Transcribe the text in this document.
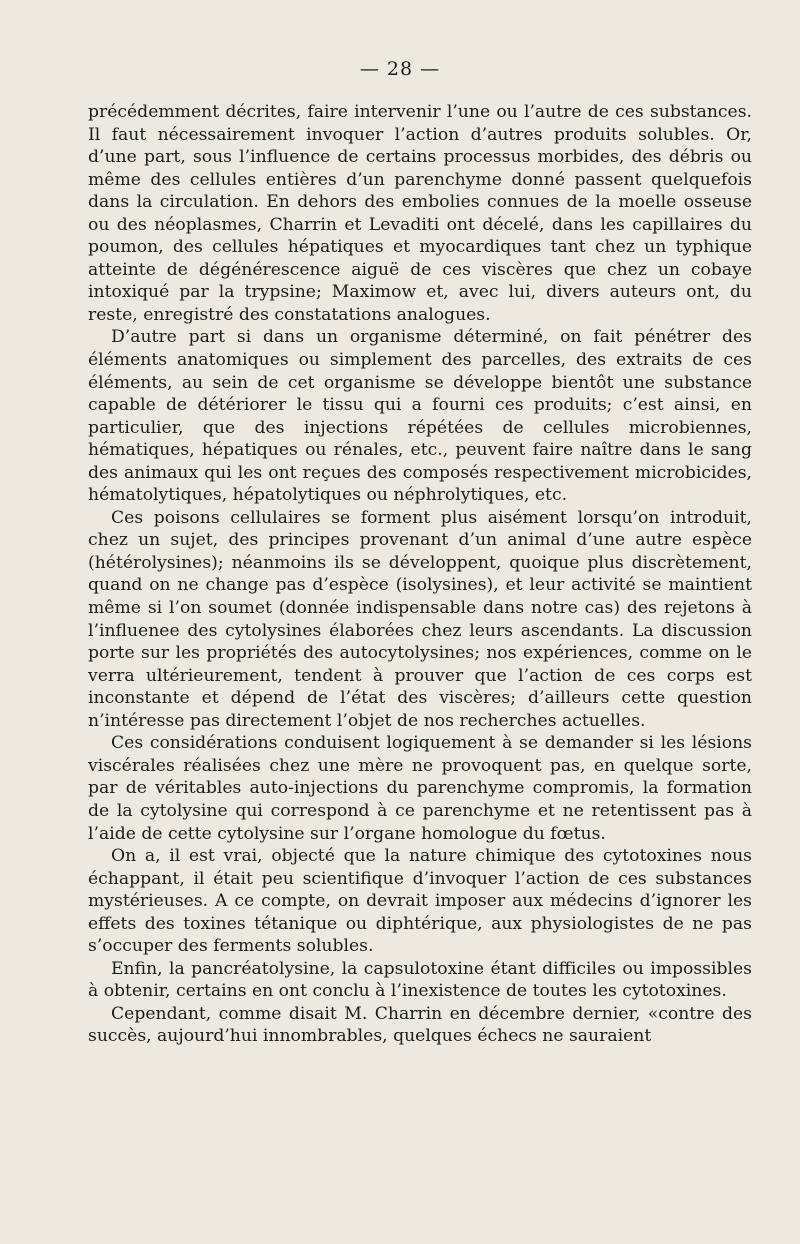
— 28 —

précédemment décrites, faire intervenir l’une ou l’autre de ces substances. Il faut nécessairement invoquer l’action d’autres produits solubles. Or, d’une part, sous l’influence de certains processus morbides, des débris ou même des cellules entières d’un parenchyme donné passent quelquefois dans la circulation. En dehors des embolies connues de la moelle osseuse ou des néoplasmes, Charrin et Levaditi ont décelé, dans les capillaires du poumon, des cellules hépatiques et myocardiques tant chez un typhique atteinte de dégénérescence aiguë de ces viscères que chez un cobaye intoxiqué par la trypsine; Maximow et, avec lui, divers auteurs ont, du reste, enregistré des constatations analogues.

D’autre part si dans un organisme déterminé, on fait pénétrer des éléments anatomiques ou simplement des parcelles, des extraits de ces éléments, au sein de cet organisme se développe bientôt une substance capable de détériorer le tissu qui a fourni ces produits; c’est ainsi, en particulier, que des injections répétées de cellules microbiennes, hématiques, hépatiques ou rénales, etc., peuvent faire naître dans le sang des animaux qui les ont reçues des composés respectivement microbicides, hématolytiques, hépatolytiques ou néphrolytiques, etc.

Ces poisons cellulaires se forment plus aisément lorsqu’on introduit, chez un sujet, des principes provenant d’un animal d’une autre espèce (hétérolysines); néanmoins ils se développent, quoique plus discrètement, quand on ne change pas d’espèce (isolysines), et leur activité se maintient même si l’on soumet (donnée indispensable dans notre cas) des rejetons à l’influenee des cytolysines élaborées chez leurs ascendants. La discussion porte sur les propriétés des autocytolysines; nos expériences, comme on le verra ultérieurement, tendent à prouver que l’action de ces corps est inconstante et dépend de l’état des viscères; d’ailleurs cette question n’intéresse pas directement l’objet de nos recherches actuelles.

Ces considérations conduisent logiquement à se demander si les lésions viscérales réalisées chez une mère ne provoquent pas, en quelque sorte, par de véritables auto-injections du parenchyme compromis, la formation de la cytolysine qui correspond à ce parenchyme et ne retentissent pas à l’aide de cette cytolysine sur l’organe homologue du fœtus.

On a, il est vrai, objecté que la nature chimique des cytotoxines nous échappant, il était peu scientifique d’invoquer l’action de ces substances mystérieuses. A ce compte, on devrait imposer aux médecins d’ignorer les effets des toxines tétanique ou diphtérique, aux physiologistes de ne pas s’occuper des ferments solubles.

Enfin, la pancréatolysine, la capsulotoxine étant difficiles ou impossibles à obtenir, certains en ont conclu à l’inexistence de toutes les cytotoxines.

Cependant, comme disait M. Charrin en décembre dernier, «contre des succès, aujourd’hui innombrables, quelques échecs ne sauraient
